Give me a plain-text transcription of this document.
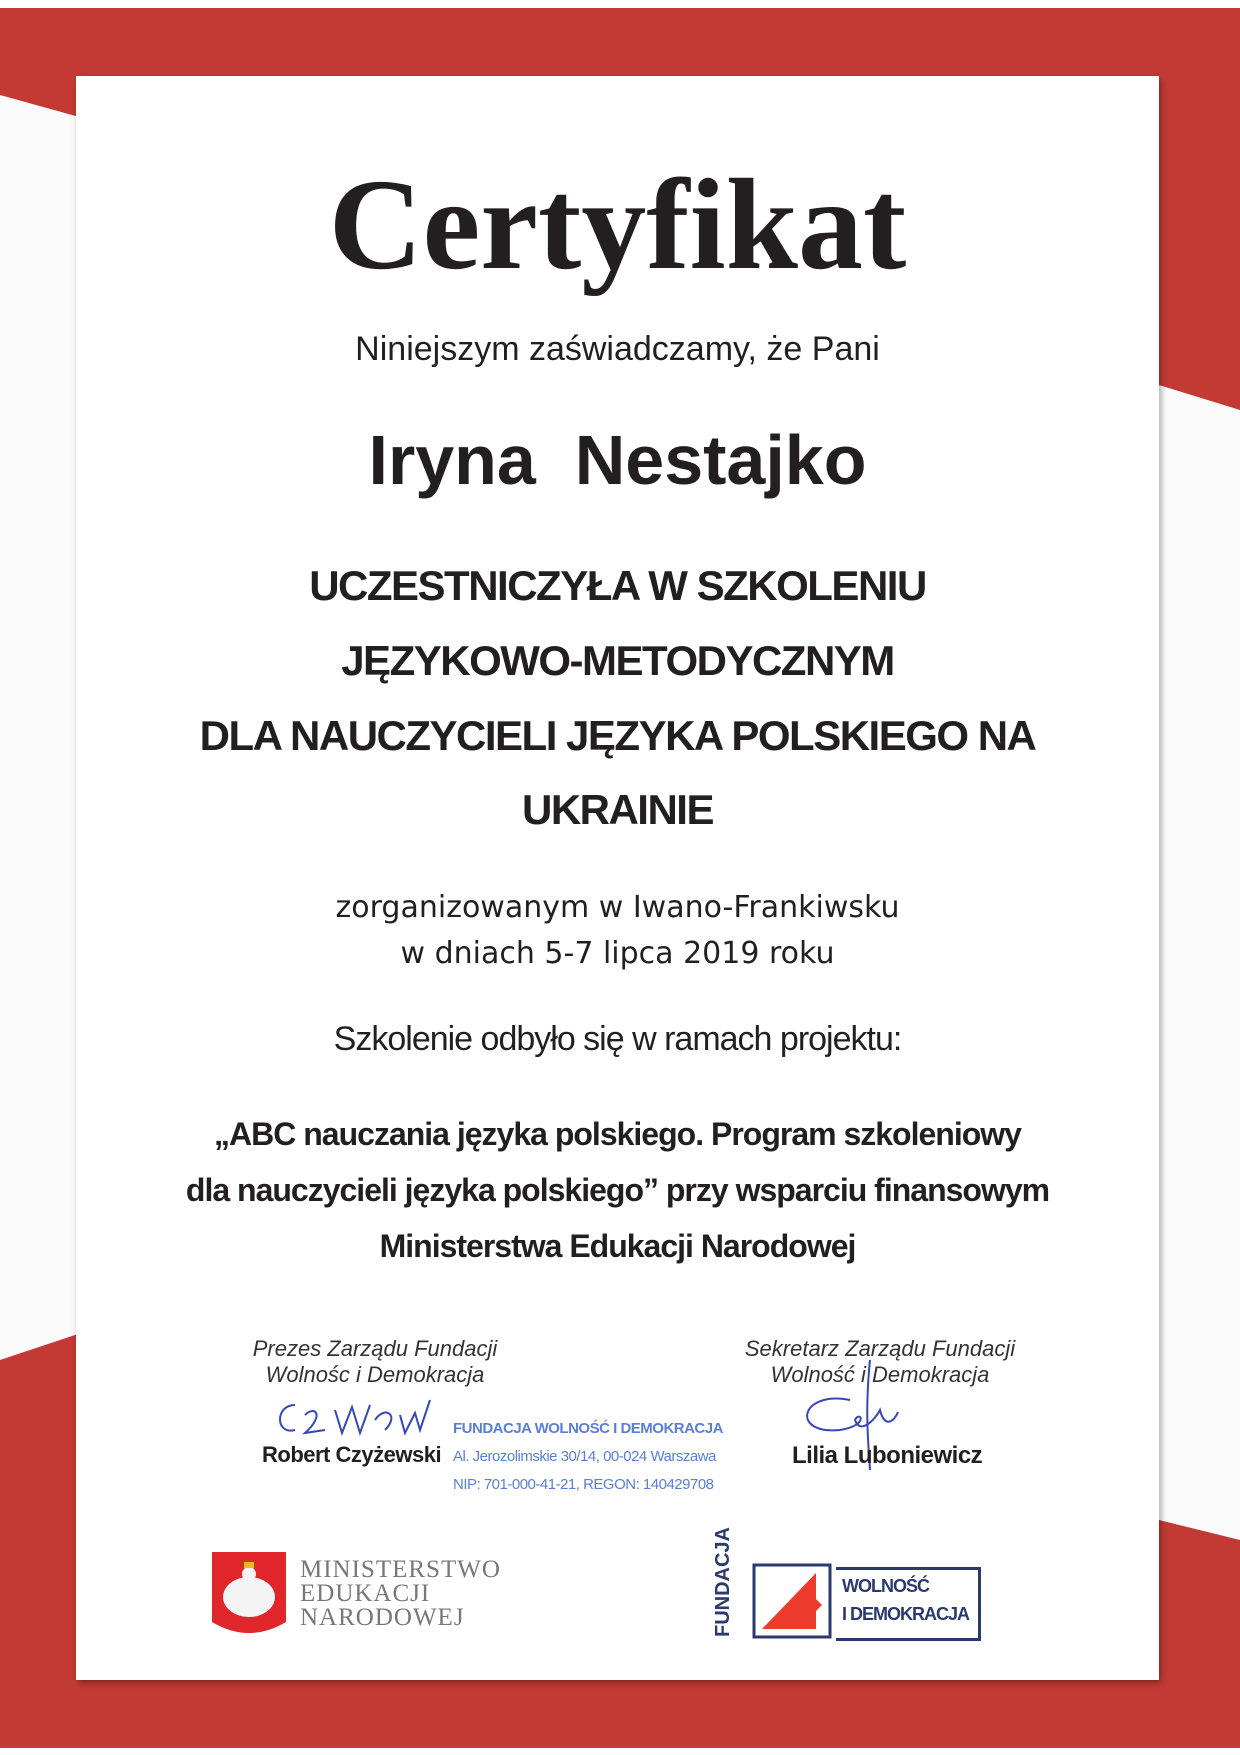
Certyfikat
Niniejszym zaświadczamy, że Pani
Iryna  Nestajko
UCZESTNICZYŁA W SZKOLENIU
JĘZYKOWO-METODYCZNYM
DLA NAUCZYCIELI JĘZYKA POLSKIEGO NA
UKRAINIE
zorganizowanym w Iwano-Frankiwsku
w dniach 5-7 lipca 2019 roku
Szkolenie odbyło się w ramach projektu:
„ABC nauczania języka polskiego. Program szkoleniowy
dla nauczycieli języka polskiego” przy wsparciu finansowym
Ministerstwa Edukacji Narodowej
Prezes Zarządu Fundacji
Wolnośc i Demokracja
Robert Czyżewski
FUNDACJA WOLNOŚĆ I DEMOKRACJA
Al. Jerozolimskie 30/14, 00-024 Warszawa
NIP: 701-000-41-21, REGON: 140429708
Sekretarz Zarządu Fundacji
Wolność i Demokracja
Lilia Luboniewicz
MINISTERSTWO
EDUKACJI
NARODOWEJ	FUNDACJA	WOLNOŚĆ
I DEMOKRACJA
